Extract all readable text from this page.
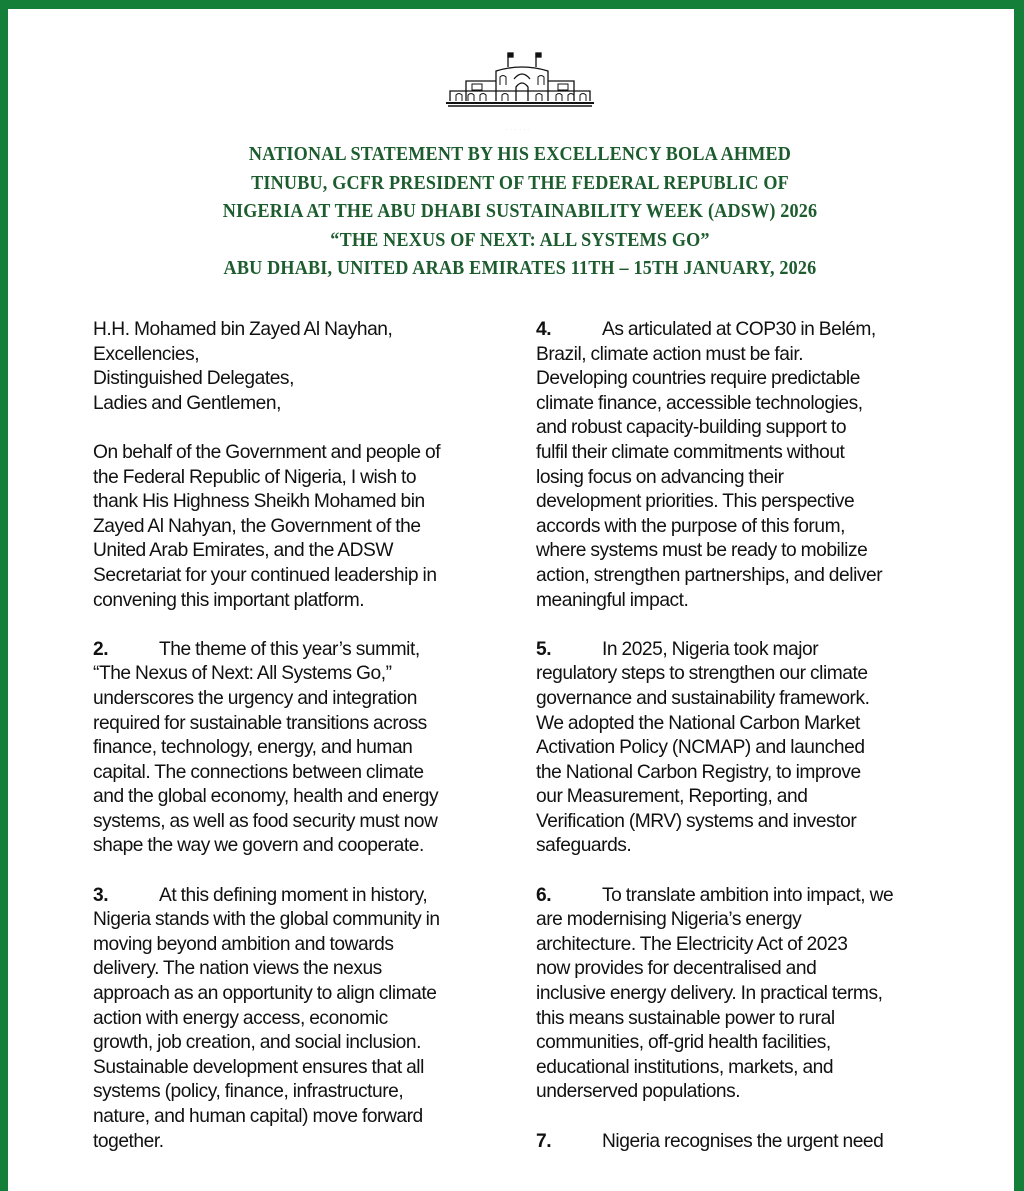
· · · · · ·
NATIONAL STATEMENT BY HIS EXCELLENCY BOLA AHMED
TINUBU, GCFR PRESIDENT OF THE FEDERAL REPUBLIC OF
NIGERIA AT THE ABU DHABI SUSTAINABILITY WEEK (ADSW) 2026
“THE NEXUS OF NEXT: ALL SYSTEMS GO”
ABU DHABI, UNITED ARAB EMIRATES 11TH – 15TH JANUARY, 2026
H.H. Mohamed bin Zayed Al Nayhan,
Excellencies,
Distinguished Delegates,
Ladies and Gentlemen,
On behalf of the Government and people of
the Federal Republic of Nigeria, I wish to
thank His Highness Sheikh Mohamed bin
Zayed Al Nahyan, the Government of the
United Arab Emirates, and the ADSW
Secretariat for your continued leadership in
convening this important platform.
2.	The theme of this year’s summit,
“The Nexus of Next: All Systems Go,”
underscores the urgency and integration
required for sustainable transitions across
finance, technology, energy, and human
capital. The connections between climate
and the global economy, health and energy
systems, as well as food security must now
shape the way we govern and cooperate.
3.	At this defining moment in history,
Nigeria stands with the global community in
moving beyond ambition and towards
delivery. The nation views the nexus
approach as an opportunity to align climate
action with energy access, economic
growth, job creation, and social inclusion.
Sustainable development ensures that all
systems (policy, finance, infrastructure,
nature, and human capital) move forward
together.
4.	As articulated at COP30 in Belém,
Brazil, climate action must be fair.
Developing countries require predictable
climate finance, accessible technologies,
and robust capacity-building support to
fulfil their climate commitments without
losing focus on advancing their
development priorities. This perspective
accords with the purpose of this forum,
where systems must be ready to mobilize
action, strengthen partnerships, and deliver
meaningful impact.
5.	In 2025, Nigeria took major
regulatory steps to strengthen our climate
governance and sustainability framework.
We adopted the National Carbon Market
Activation Policy (NCMAP) and launched
the National Carbon Registry, to improve
our Measurement, Reporting, and
Verification (MRV) systems and investor
safeguards.
6.	To translate ambition into impact, we
are modernising Nigeria’s energy
architecture. The Electricity Act of 2023
now provides for decentralised and
inclusive energy delivery. In practical terms,
this means sustainable power to rural
communities, off-grid health facilities,
educational institutions, markets, and
underserved populations.
7.	Nigeria recognises the urgent need
